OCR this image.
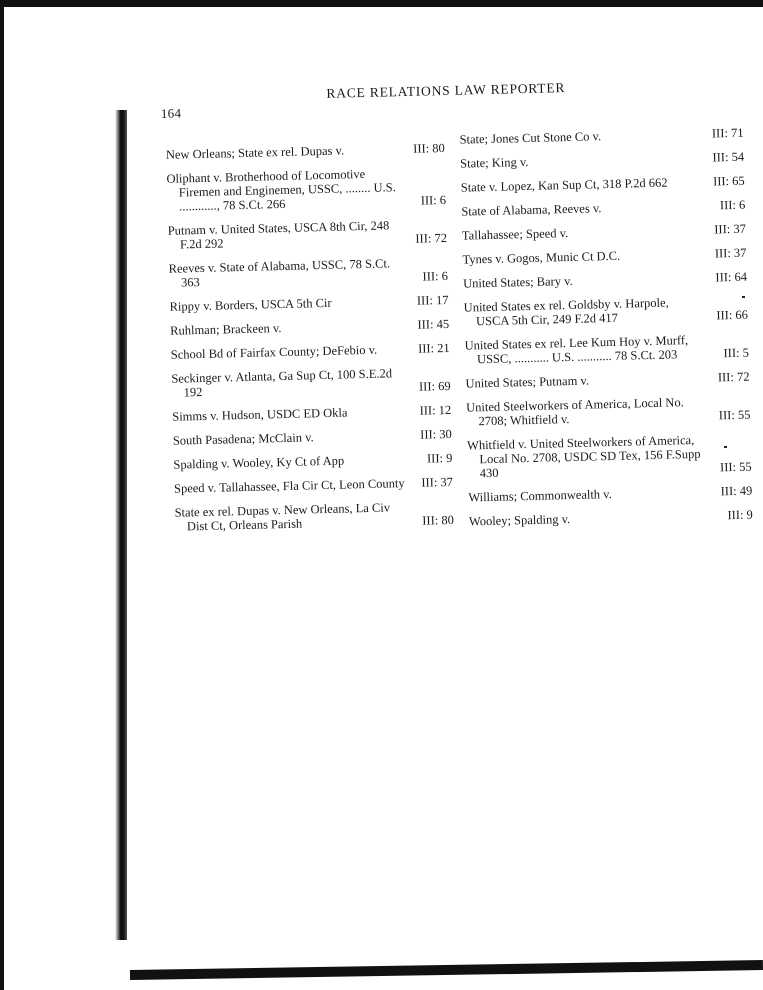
164
RACE RELATIONS LAW REPORTER
New Orleans; State ex rel. Dupas v.	III: 80
Oliphant v. Brotherhood of Locomotive Firemen and Enginemen, USSC, ........ U.S. ............, 78 S.Ct. 266	III: 6
Putnam v. United States, USCA 8th Cir, 248 F.2d 292	III: 72
Reeves v. State of Alabama, USSC, 78 S.Ct. 363	III: 6
Rippy v. Borders, USCA 5th Cir	III: 17
Ruhlman; Brackeen v.	III: 45
School Bd of Fairfax County; DeFebio v.	III: 21
Seckinger v. Atlanta, Ga Sup Ct, 100 S.E.2d 192	III: 69
Simms v. Hudson, USDC ED Okla	III: 12
South Pasadena; McClain v.	III: 30
Spalding v. Wooley, Ky Ct of App	III: 9
Speed v. Tallahassee, Fla Cir Ct, Leon County III: 37
State ex rel. Dupas v. New Orleans, La Civ Dist Ct, Orleans Parish	III: 80
State; Jones Cut Stone Co v.	III: 71
State; King v.	III: 54
State v. Lopez, Kan Sup Ct, 318 P.2d 662	III: 65
State of Alabama, Reeves v.	III: 6
Tallahassee; Speed v.	III: 37
Tynes v. Gogos, Munic Ct D.C.	III: 37
United States; Bary v.	III: 64
United States ex rel. Goldsby v. Harpole, USCA 5th Cir, 249 F.2d 417	III: 66
United States ex rel. Lee Kum Hoy v. Murff, USSC, ........... U.S. ........... 78 S.Ct. 203	III: 5
United States; Putnam v.	III: 72
United Steelworkers of America, Local No. 2708; Whitfield v.	III: 55
Whitfield v. United Steelworkers of America, Local No. 2708, USDC SD Tex, 156 F.Supp 430	III: 55
Williams; Commonwealth v.	III: 49
Wooley; Spalding v.	III: 9
